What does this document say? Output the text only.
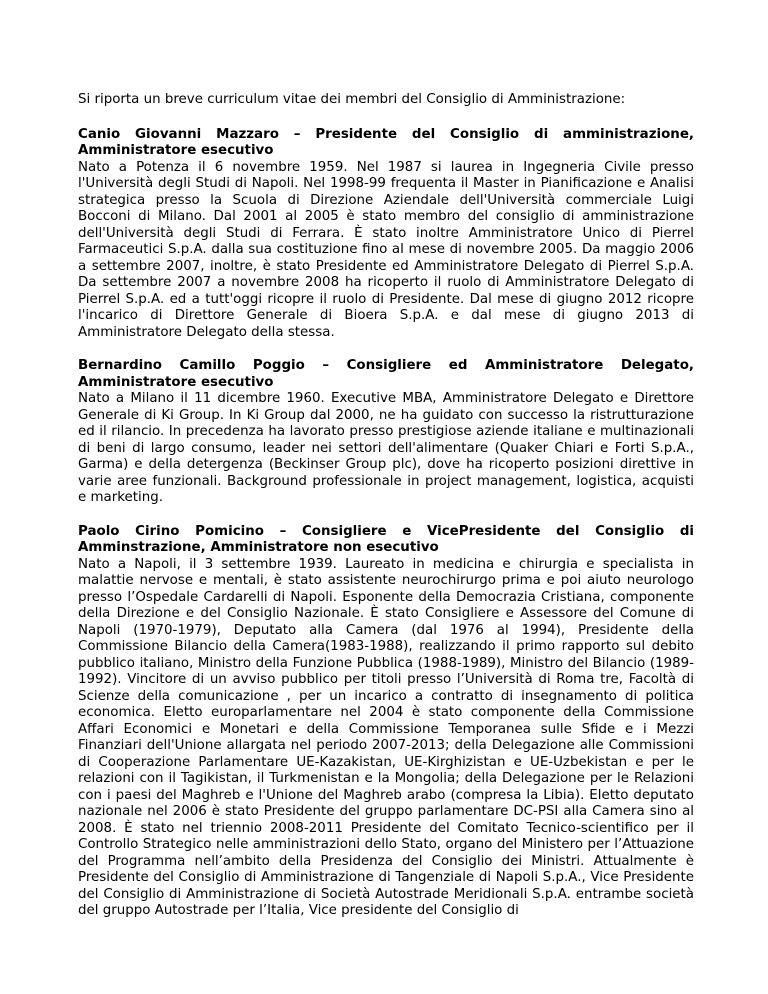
Si riporta un breve curriculum vitae dei membri del Consiglio di Amministrazione:

Canio Giovanni Mazzaro – Presidente del Consiglio di amministrazione, Amministratore esecutivo
Nato a Potenza il 6 novembre 1959. Nel 1987 si laurea in Ingegneria Civile presso l'Università degli Studi di Napoli. Nel 1998-99 frequenta il Master in Pianificazione e Analisi strategica presso la Scuola di Direzione Aziendale dell'Università commerciale Luigi Bocconi di Milano. Dal 2001 al 2005 è stato membro del consiglio di amministrazione dell'Università degli Studi di Ferrara. È stato inoltre Amministratore Unico di Pierrel Farmaceutici S.p.A. dalla sua costituzione fino al mese di novembre 2005. Da maggio 2006 a settembre 2007, inoltre, è stato Presidente ed Amministratore Delegato di Pierrel S.p.A. Da settembre 2007 a novembre 2008 ha ricoperto il ruolo di Amministratore Delegato di Pierrel S.p.A. ed a tutt'oggi ricopre il ruolo di Presidente. Dal mese di giugno 2012 ricopre l'incarico di Direttore Generale di Bioera S.p.A. e dal mese di giugno 2013 di Amministratore Delegato della stessa.
Bernardino Camillo Poggio – Consigliere ed Amministratore Delegato, Amministratore esecutivo
Nato a Milano il 11 dicembre 1960. Executive MBA, Amministratore Delegato e Direttore Generale di Ki Group. In Ki Group dal 2000, ne ha guidato con successo la ristrutturazione ed il rilancio. In precedenza ha lavorato presso prestigiose aziende italiane e multinazionali di beni di largo consumo, leader nei settori dell'alimentare (Quaker Chiari e Forti S.p.A., Garma) e della detergenza (Beckinser Group plc), dove ha ricoperto posizioni direttive in varie aree funzionali. Background professionale in project management, logistica, acquisti e marketing.
Paolo Cirino Pomicino – Consigliere e VicePresidente del Consiglio di Amminstrazione, Amministratore non esecutivo
Nato a Napoli, il 3 settembre 1939. Laureato in medicina e chirurgia e specialista in malattie nervose e mentali, è stato assistente neurochirurgo prima e poi aiuto neurologo presso l’Ospedale Cardarelli di Napoli. Esponente della Democrazia Cristiana, componente della Direzione e del Consiglio Nazionale. È stato Consigliere e Assessore del Comune di Napoli (1970-1979), Deputato alla Camera (dal 1976 al 1994), Presidente della Commissione Bilancio della Camera(1983-1988), realizzando il primo rapporto sul debito pubblico italiano, Ministro della Funzione Pubblica (1988-1989), Ministro del Bilancio (1989-1992). Vincitore di un avviso pubblico per titoli presso l’Università di Roma tre, Facoltà di Scienze della comunicazione , per un incarico a contratto di insegnamento di politica economica. Eletto europarlamentare nel 2004 è stato componente della Commissione Affari Economici e Monetari e della Commissione Temporanea sulle Sfide e i Mezzi Finanziari dell'Unione allargata nel periodo 2007-2013; della Delegazione alle Commissioni di Cooperazione Parlamentare UE-Kazakistan, UE-Kirghizistan e UE-Uzbekistan e per le relazioni con il Tagikistan, il Turkmenistan e la Mongolia; della Delegazione per le Relazioni con i paesi del Maghreb e l'Unione del Maghreb arabo (compresa la Libia). Eletto deputato nazionale nel 2006 è stato Presidente del gruppo parlamentare DC-PSI alla Camera sino al 2008. È stato nel triennio 2008-2011 Presidente del Comitato Tecnico-scientifico per il Controllo Strategico nelle amministrazioni dello Stato, organo del Ministero per l’Attuazione del Programma nell’ambito della Presidenza del Consiglio dei Ministri. Attualmente è Presidente del Consiglio di Amministrazione di Tangenziale di Napoli S.p.A., Vice Presidente del Consiglio di Amministrazione di Società Autostrade Meridionali S.p.A. entrambe società del gruppo Autostrade per l’Italia, Vice presidente del Consiglio di
